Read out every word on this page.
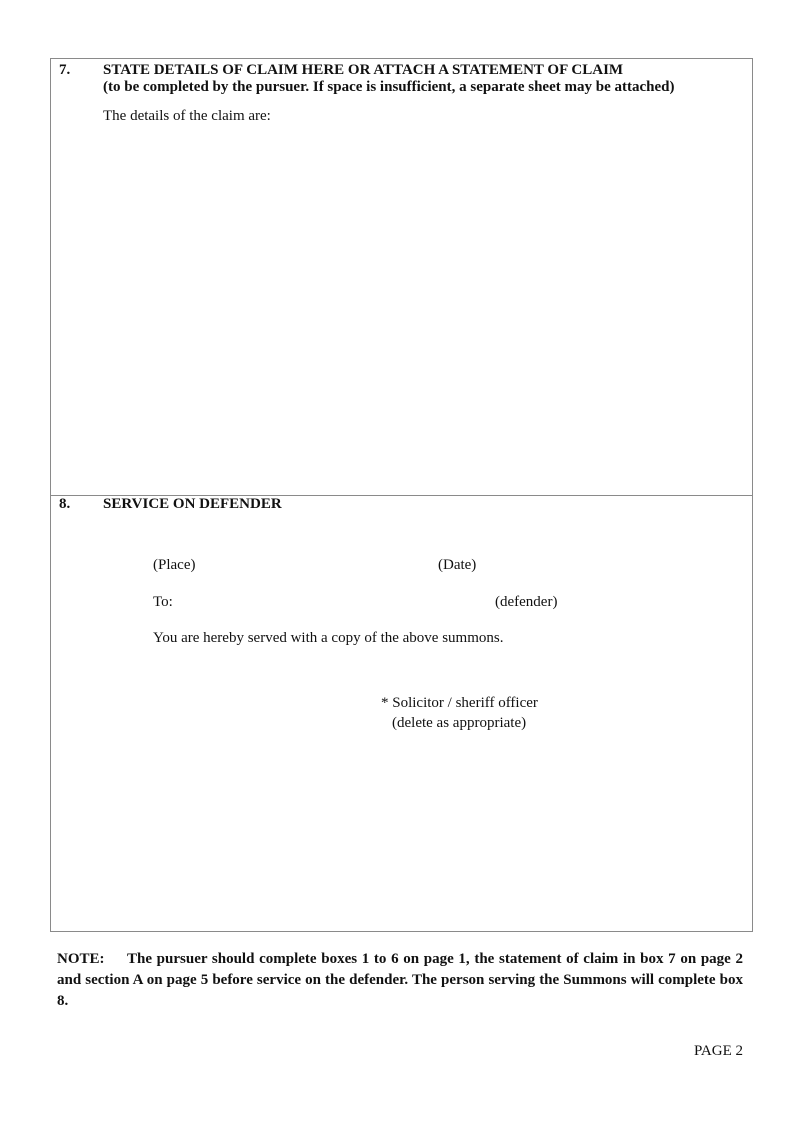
7. STATE DETAILS OF CLAIM HERE OR ATTACH A STATEMENT OF CLAIM
(to be completed by the pursuer. If space is insufficient, a separate sheet may be attached)
The details of the claim are:
8. SERVICE ON DEFENDER
(Place)	(Date)
To:	(defender)
You are hereby served with a copy of the above summons.
* Solicitor / sheriff officer
(delete as appropriate)
NOTE: The pursuer should complete boxes 1 to 6 on page 1, the statement of claim in box 7 on page 2 and section A on page 5 before service on the defender. The person serving the Summons will complete box 8.
PAGE 2
